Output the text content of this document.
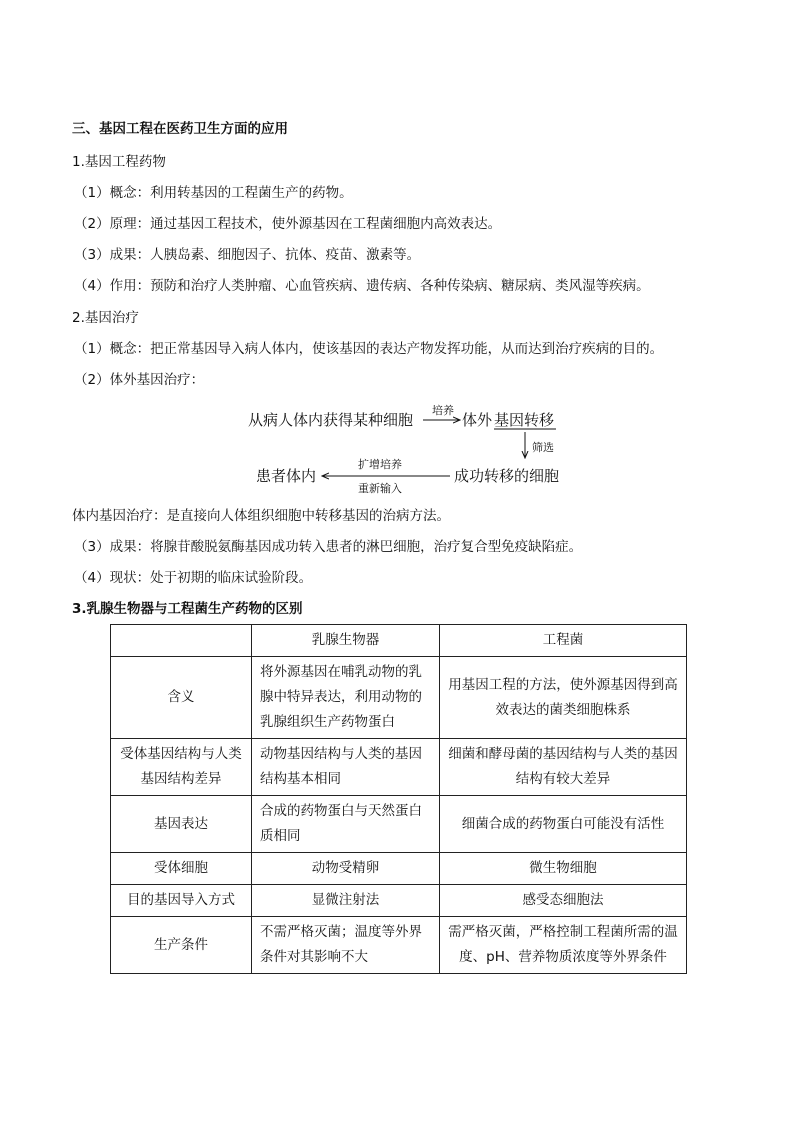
三、基因工程在医药卫生方面的应用
1.基因工程药物
（1）概念：利用转基因的工程菌生产的药物。
（2）原理：通过基因工程技术，使外源基因在工程菌细胞内高效表达。
（3）成果：人胰岛素、细胞因子、抗体、疫苗、激素等。
（4）作用：预防和治疗人类肿瘤、心血管疾病、遗传病、各种传染病、糖尿病、类风湿等疾病。
2.基因治疗
（1）概念：把正常基因导入病人体内，使该基因的表达产物发挥功能，从而达到治疗疾病的目的。
（2）体外基因治疗：
从病人体内获得某种细胞
培养
体外 基因转移
筛选
成功转移的细胞
扩增培养
重新输入
患者体内
体内基因治疗：是直接向人体组织细胞中转移基因的治病方法。
（3）成果：将腺苷酸脱氨酶基因成功转入患者的淋巴细胞，治疗复合型免疫缺陷症。
（4）现状：处于初期的临床试验阶段。
3.乳腺生物器与工程菌生产药物的区别
	乳腺生物器	工程菌
含义	将外源基因在哺乳动物的乳腺中特异表达，利用动物的乳腺组织生产药物蛋白	用基因工程的方法，使外源基因得到高效表达的菌类细胞株系
受体基因结构与人类基因结构差异	动物基因结构与人类的基因结构基本相同	细菌和酵母菌的基因结构与人类的基因结构有较大差异
基因表达	合成的药物蛋白与天然蛋白质相同	细菌合成的药物蛋白可能没有活性
受体细胞	动物受精卵	微生物细胞
目的基因导入方式	显微注射法	感受态细胞法
生产条件	不需严格灭菌；温度等外界条件对其影响不大	需严格灭菌，严格控制工程菌所需的温度、pH、营养物质浓度等外界条件
